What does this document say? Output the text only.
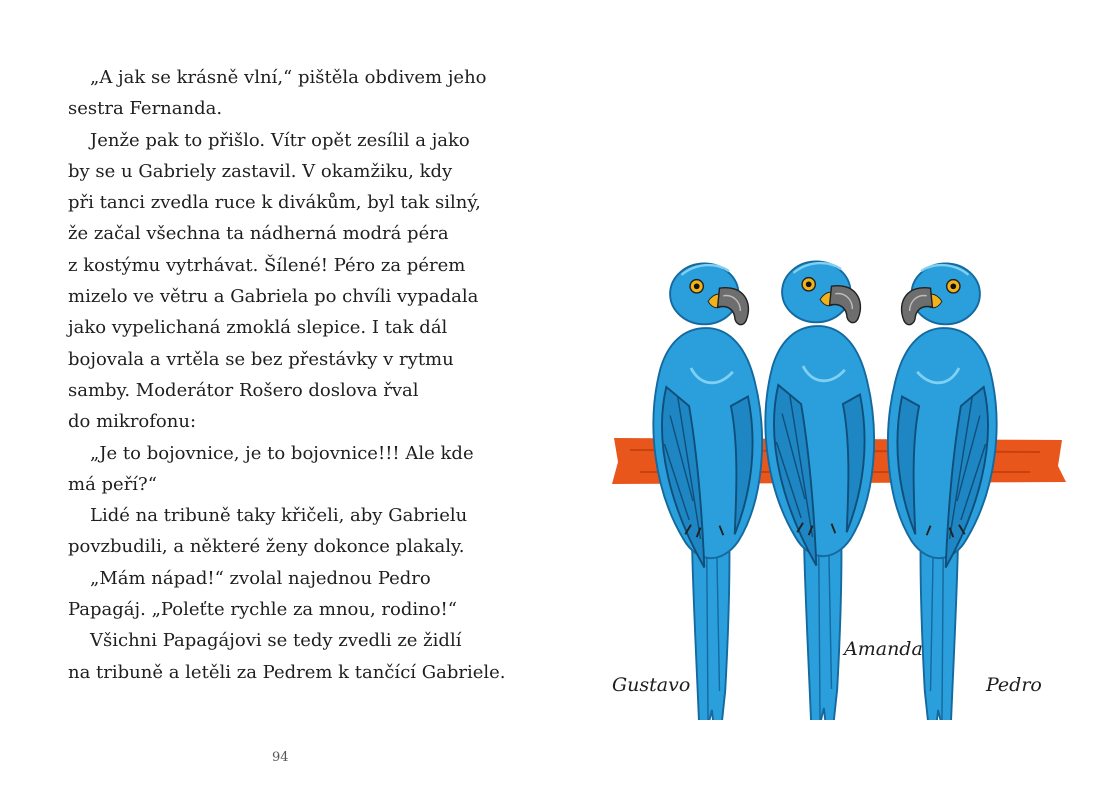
„A jak se krásně vlní,“ pištěla obdivem jeho
sestra Fernanda.
Jenže pak to přišlo. Vítr opět zesílil a jako
by se u Gabriely zastavil. V okamžiku, kdy
při tanci zvedla ruce k divákům, byl tak silný,
že začal všechna ta nádherná modrá péra
z kostýmu vytrhávat. Šílené! Péro za pérem
mizelo ve větru a Gabriela po chvíli vypadala
jako vypelichaná zmoklá slepice. I tak dál
bojovala a vrtěla se bez přestávky v rytmu
samby. Moderátor Rošero doslova řval
do mikrofonu:
„Je to bojovnice, je to bojovnice!!! Ale kde
má peří?“
Lidé na tribuně taky křičeli, aby Gabrielu
povzbudili, a některé ženy dokonce plakaly.
„Mám nápad!“ zvolal najednou Pedro
Papagáj. „Poleťte rychle za mnou, rodino!“
Všichni Papagájovi se tedy zvedli ze židlí
na tribuně a letěli za Pedrem k tančící Gabriele.
94
Gustavo
Amanda
Pedro
